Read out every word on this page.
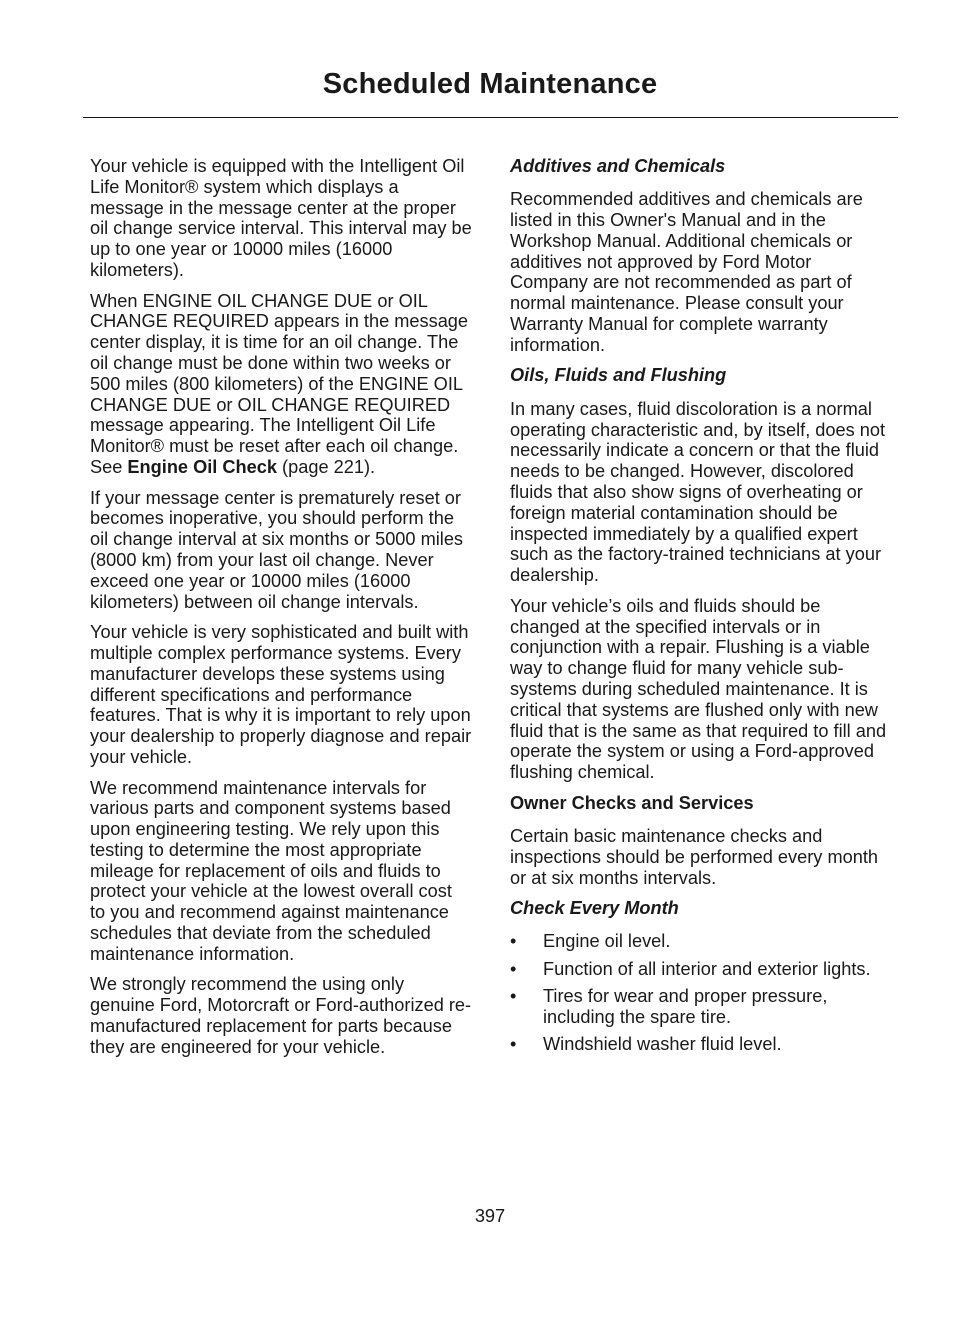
Scheduled Maintenance

Your vehicle is equipped with the Intelligent Oil Life Monitor® system which displays a message in the message center at the proper oil change service interval. This interval may be up to one year or 10000 miles (16000 kilometers).

When ENGINE OIL CHANGE DUE or OIL CHANGE REQUIRED appears in the message center display, it is time for an oil change. The oil change must be done within two weeks or 500 miles (800 kilometers) of the ENGINE OIL CHANGE DUE or OIL CHANGE REQUIRED message appearing. The Intelligent Oil Life Monitor® must be reset after each oil change. See Engine Oil Check (page 221).

If your message center is prematurely reset or becomes inoperative, you should perform the oil change interval at six months or 5000 miles (8000 km) from your last oil change. Never exceed one year or 10000 miles (16000 kilometers) between oil change intervals.

Your vehicle is very sophisticated and built with multiple complex performance systems. Every manufacturer develops these systems using different specifications and performance features. That is why it is important to rely upon your dealership to properly diagnose and repair your vehicle.

We recommend maintenance intervals for various parts and component systems based upon engineering testing. We rely upon this testing to determine the most appropriate mileage for replacement of oils and fluids to protect your vehicle at the lowest overall cost to you and recommend against maintenance schedules that deviate from the scheduled maintenance information.

We strongly recommend the using only genuine Ford, Motorcraft or Ford-authorized re-manufactured replacement for parts because they are engineered for your vehicle.

Additives and Chemicals

Recommended additives and chemicals are listed in this Owner's Manual and in the Workshop Manual. Additional chemicals or additives not approved by Ford Motor Company are not recommended as part of normal maintenance. Please consult your Warranty Manual for complete warranty information.

Oils, Fluids and Flushing

In many cases, fluid discoloration is a normal operating characteristic and, by itself, does not necessarily indicate a concern or that the fluid needs to be changed. However, discolored fluids that also show signs of overheating or foreign material contamination should be inspected immediately by a qualified expert such as the factory-trained technicians at your dealership.

Your vehicle’s oils and fluids should be changed at the specified intervals or in conjunction with a repair. Flushing is a viable way to change fluid for many vehicle sub-systems during scheduled maintenance. It is critical that systems are flushed only with new fluid that is the same as that required to fill and operate the system or using a Ford-approved flushing chemical.

Owner Checks and Services

Certain basic maintenance checks and inspections should be performed every month or at six months intervals.

Check Every Month
• Engine oil level.
• Function of all interior and exterior lights.
• Tires for wear and proper pressure, including the spare tire.
• Windshield washer fluid level.
397
